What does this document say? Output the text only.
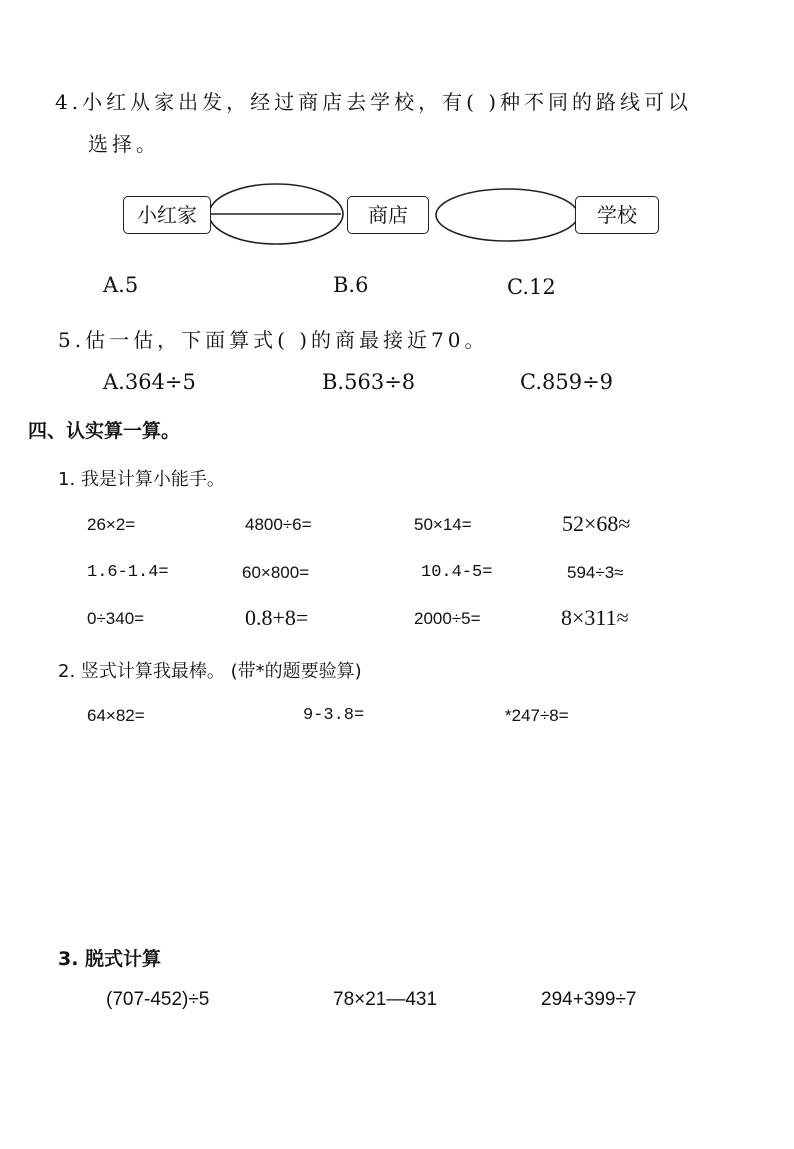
4.小红从家出发，经过商店去学校，有( )种不同的路线可以
选择。
小红家	商店	学校
A.5	B.6	C.12
5.估一估，下面算式( )的商最接近70。
A.364÷5	B.563÷8	C.859÷9
四、认实算一算。
1. 我是计算小能手。
26×2=	4800÷6=	50×14=	52×68≈
1.6-1.4=	60×800=	10.4-5=	594÷3≈
0÷340=	0.8+8=	2000÷5=	8×311≈
2. 竖式计算我最棒。 (带*的题要验算)
64×82=	9-3.8=	*247÷8=
3. 脱式计算
(707-452)÷5	78×21—431	294+399÷7
